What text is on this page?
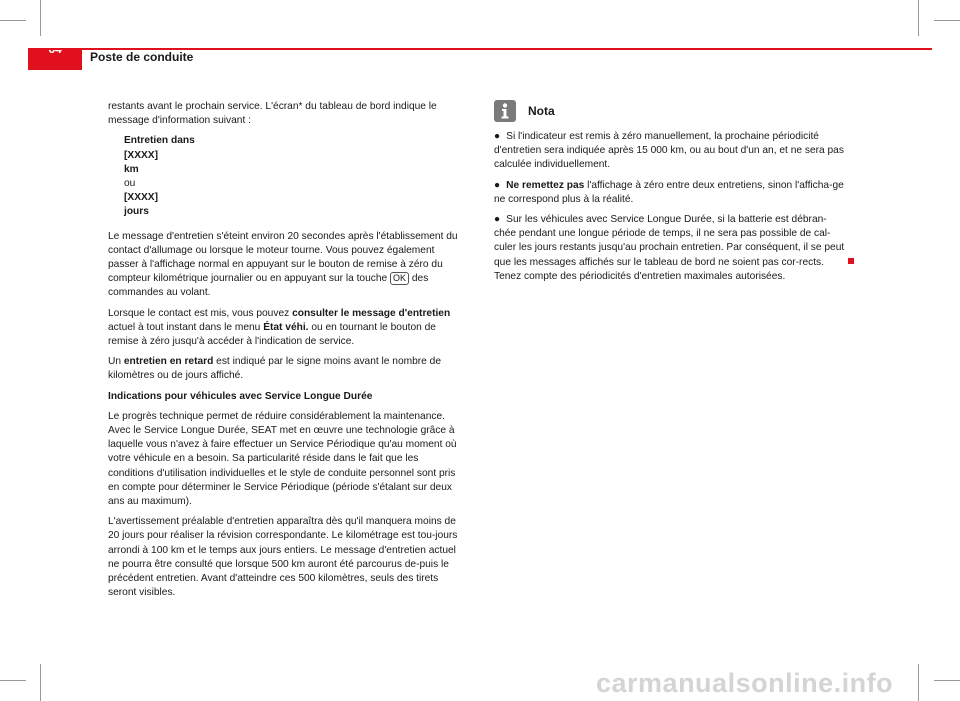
Poste de conduite

restants avant le prochain service. L'écran* du tableau de bord indique le message d'information suivant :

Entretien dans
[XXXX]
km
ou
[XXXX]
jours

Le message d'entretien s'éteint environ 20 secondes après l'établissement du contact d'allumage ou lorsque le moteur tourne. Vous pouvez également passer à l'affichage normal en appuyant sur le bouton de remise à zéro du compteur kilométrique journalier ou en appuyant sur la touche OK des commandes au volant.

Lorsque le contact est mis, vous pouvez consulter le message d'entretien actuel à tout instant dans le menu État véhi. ou en tournant le bouton de remise à zéro jusqu'à accéder à l'indication de service.

Un entretien en retard est indiqué par le signe moins avant le nombre de kilomètres ou de jours affiché.

Indications pour véhicules avec Service Longue Durée

Le progrès technique permet de réduire considérablement la maintenance. Avec le Service Longue Durée, SEAT met en œuvre une technologie grâce à laquelle vous n'avez à faire effectuer un Service Périodique qu'au moment où votre véhicule en a besoin. Sa particularité réside dans le fait que les conditions d'utilisation individuelles et le style de conduite personnel sont pris en compte pour déterminer le Service Périodique (période s'étalant sur deux ans au maximum).

L'avertissement préalable d'entretien apparaîtra dès qu'il manquera moins de 20 jours pour réaliser la révision correspondante. Le kilométrage est tou-jours arrondi à 100 km et le temps aux jours entiers. Le message d'entretien actuel ne pourra être consulté que lorsque 500 km auront été parcourus de-puis le précédent entretien. Avant d'atteindre ces 500 kilomètres, seuls des tirets seront visibles.

Nota

● Si l'indicateur est remis à zéro manuellement, la prochaine périodicité d'entretien sera indiquée après 15 000 km, ou au bout d'un an, et ne sera pas calculée individuellement.

● Ne remettez pas l'affichage à zéro entre deux entretiens, sinon l'afficha-ge ne correspond plus à la réalité.

● Sur les véhicules avec Service Longue Durée, si la batterie est débran-chée pendant une longue période de temps, il ne sera pas possible de cal-culer les jours restants jusqu'au prochain entretien. Par conséquent, il se peut que les messages affichés sur le tableau de bord ne soient pas cor-rects. Tenez compte des périodicités d'entretien maximales autorisées.

carmanualsonline.info
